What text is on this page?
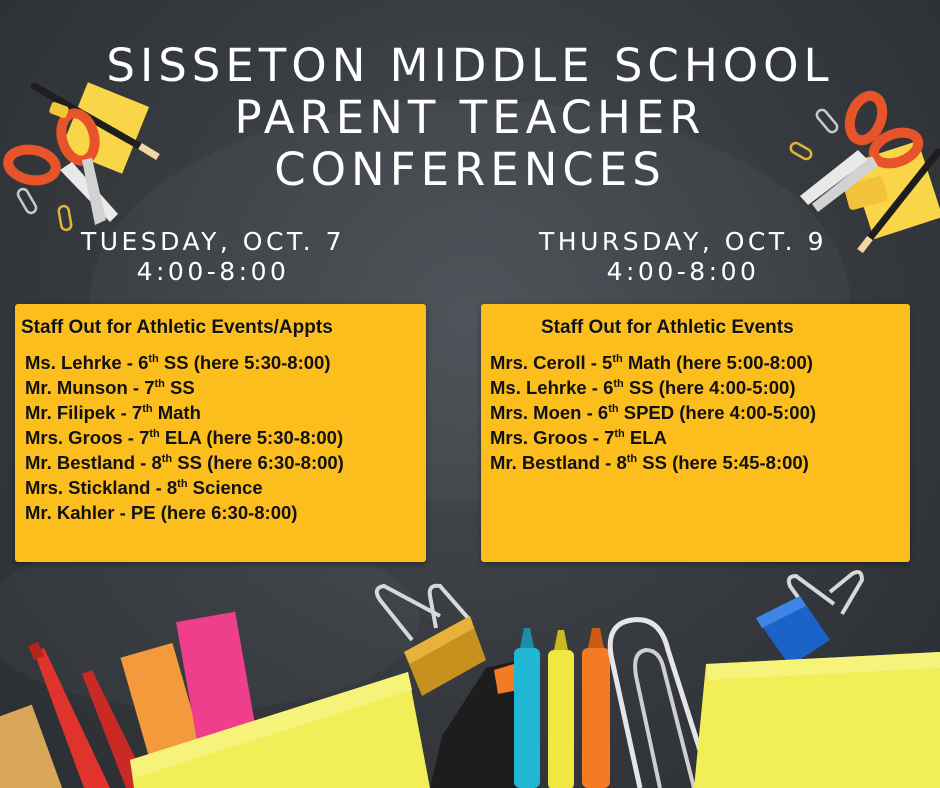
SISSETON MIDDLE SCHOOL
PARENT TEACHER
CONFERENCES
TUESDAY, OCT. 7
4:00-8:00
THURSDAY, OCT. 9
4:00-8:00
Staff Out for Athletic Events/Appts
Ms. Lehrke - 6th SS (here 5:30-8:00)
Mr. Munson - 7th SS
Mr. Filipek - 7th Math
Mrs. Groos - 7th ELA (here 5:30-8:00)
Mr. Bestland - 8th SS (here 6:30-8:00)
Mrs. Stickland - 8th Science
Mr. Kahler - PE (here 6:30-8:00)
Staff Out for Athletic Events
Mrs. Ceroll - 5th Math (here 5:00-8:00)
Ms. Lehrke - 6th SS (here 4:00-5:00)
Mrs. Moen - 6th SPED (here 4:00-5:00)
Mrs. Groos - 7th ELA
Mr. Bestland - 8th SS (here 5:45-8:00)
